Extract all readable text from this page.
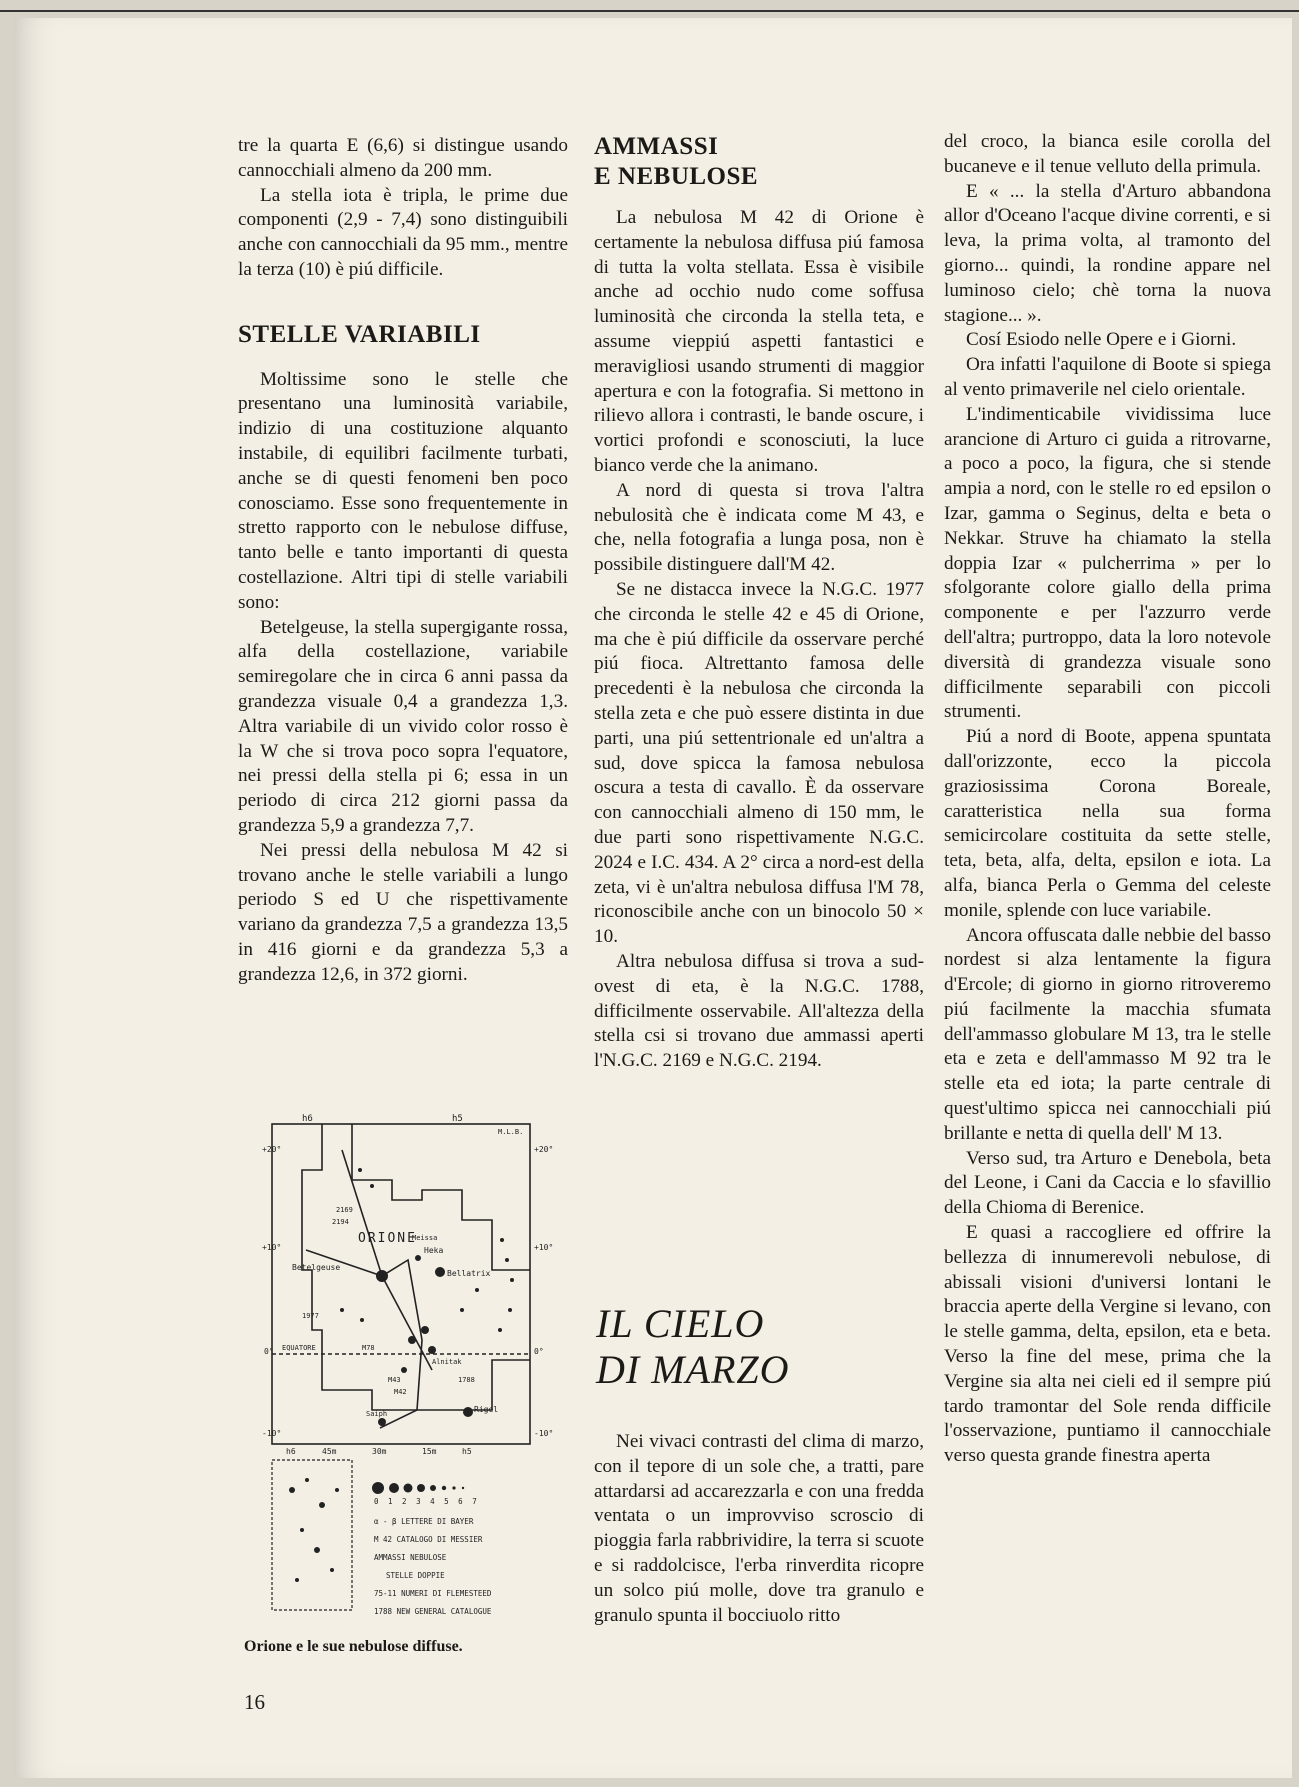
tre la quarta E (6,6) si distingue usando cannocchiali almeno da 200 mm.

La stella iota è tripla, le prime due componenti (2,9 - 7,4) sono distinguibili anche con cannocchiali da 95 mm., mentre la terza (10) è piú difficile.

STELLE VARIABILI

Moltissime sono le stelle che presentano una luminosità variabile, indizio di una costituzione alquanto instabile, di equilibri facilmente turbati, anche se di questi fenomeni ben poco conosciamo. Esse sono frequentemente in stretto rapporto con le nebulose diffuse, tanto belle e tanto importanti di questa costellazione. Altri tipi di stelle variabili sono:

Betelgeuse, la stella supergigante rossa, alfa della costellazione, variabile semiregolare che in circa 6 anni passa da grandezza visuale 0,4 a grandezza 1,3. Altra variabile di un vivido color rosso è la W che si trova poco sopra l'equatore, nei pressi della stella pi 6; essa in un periodo di circa 212 giorni passa da grandezza 5,9 a grandezza 7,7.

Nei pressi della nebulosa M 42 si trovano anche le stelle variabili a lungo periodo S ed U che rispettivamente variano da grandezza 7,5 a grandezza 13,5 in 416 giorni e da grandezza 5,3 a grandezza 12,6, in 372 giorni.

h6	h5
M.L.B.
+20°
+10°
0°
-10°
+20°
+10°
0°
-10°
ORIONE
EQUATORE
Betelgeuse
Bellatrix
Heka
Rigel
Alnitak
Saiph
Meissa
2169
2194
1788
M78
M42
M43
1977
h6	45m	30m	15m	h5
0 1 2 3 4 5 6 7
α - β LETTERE DI BAYER
M 42 CATALOGO DI MESSIER
AMMASSI NEBULOSE
STELLE DOPPIE
75-11 NUMERI DI FLEMESTEED
1788 NEW GENERAL CATALOGUE
Orione e le sue nebulose diffuse.
16
AMMASSI
E NEBULOSE

La nebulosa M 42 di Orione è certamente la nebulosa diffusa piú famosa di tutta la volta stellata. Essa è visibile anche ad occhio nudo come soffusa luminosità che circonda la stella teta, e assume vieppiú aspetti fantastici e meravigliosi usando strumenti di maggior apertura e con la fotografia. Si mettono in rilievo allora i contrasti, le bande oscure, i vortici profondi e sconosciuti, la luce bianco verde che la animano.

A nord di questa si trova l'altra nebulosità che è indicata come M 43, e che, nella fotografia a lunga posa, non è possibile distinguere dall'M 42.

Se ne distacca invece la N.G.C. 1977 che circonda le stelle 42 e 45 di Orione, ma che è piú difficile da osservare perché piú fioca. Altrettanto famosa delle precedenti è la nebulosa che circonda la stella zeta e che può essere distinta in due parti, una piú settentrionale ed un'altra a sud, dove spicca la famosa nebulosa oscura a testa di cavallo. È da osservare con cannocchiali almeno di 150 mm, le due parti sono rispettivamente N.G.C. 2024 e I.C. 434. A 2° circa a nord-est della zeta, vi è un'altra nebulosa diffusa l'M 78, riconoscibile anche con un binocolo 50 × 10.

Altra nebulosa diffusa si trova a sud-ovest di eta, è la N.G.C. 1788, difficilmente osservabile. All'altezza della stella csi si trovano due ammassi aperti l'N.G.C. 2169 e N.G.C. 2194.

IL CIELO
DI MARZO

Nei vivaci contrasti del clima di marzo, con il tepore di un sole che, a tratti, pare attardarsi ad accarezzarla e con una fredda ventata o un improvviso scroscio di pioggia farla rabbrividire, la terra si scuote e si raddolcisce, l'erba rinverdita ricopre un solco piú molle, dove tra granulo e granulo spunta il bocciuolo ritto

del croco, la bianca esile corolla del bucaneve e il tenue velluto della primula.

E « ... la stella d'Arturo abbandona allor d'Oceano l'acque divine correnti, e si leva, la prima volta, al tramonto del giorno... quindi, la rondine appare nel luminoso cielo; chè torna la nuova stagione... ».

Cosí Esiodo nelle Opere e i Giorni.

Ora infatti l'aquilone di Boote si spiega al vento primaverile nel cielo orientale.

L'indimenticabile vividissima luce arancione di Arturo ci guida a ritrovarne, a poco a poco, la figura, che si stende ampia a nord, con le stelle ro ed epsilon o Izar, gamma o Seginus, delta e beta o Nekkar. Struve ha chiamato la stella doppia Izar « pulcherrima » per lo sfolgorante colore giallo della prima componente e per l'azzurro verde dell'altra; purtroppo, data la loro notevole diversità di grandezza visuale sono difficilmente separabili con piccoli strumenti.

Piú a nord di Boote, appena spuntata dall'orizzonte, ecco la piccola graziosissima Corona Boreale, caratteristica nella sua forma semicircolare costituita da sette stelle, teta, beta, alfa, delta, epsilon e iota. La alfa, bianca Perla o Gemma del celeste monile, splende con luce variabile.

Ancora offuscata dalle nebbie del basso nordest si alza lentamente la figura d'Ercole; di giorno in giorno ritroveremo piú facilmente la macchia sfumata dell'ammasso globulare M 13, tra le stelle eta e zeta e dell'ammasso M 92 tra le stelle eta ed iota; la parte centrale di quest'ultimo spicca nei cannocchiali piú brillante e netta di quella dell' M 13.

Verso sud, tra Arturo e Denebola, beta del Leone, i Cani da Caccia e lo sfavillio della Chioma di Berenice.

E quasi a raccogliere ed offrire la bellezza di innumerevoli nebulose, di abissali visioni d'universi lontani le braccia aperte della Vergine si levano, con le stelle gamma, delta, epsilon, eta e beta. Verso la fine del mese, prima che la Vergine sia alta nei cieli ed il sempre piú tardo tramontar del Sole renda difficile l'osservazione, puntiamo il cannocchiale verso questa grande finestra aperta
